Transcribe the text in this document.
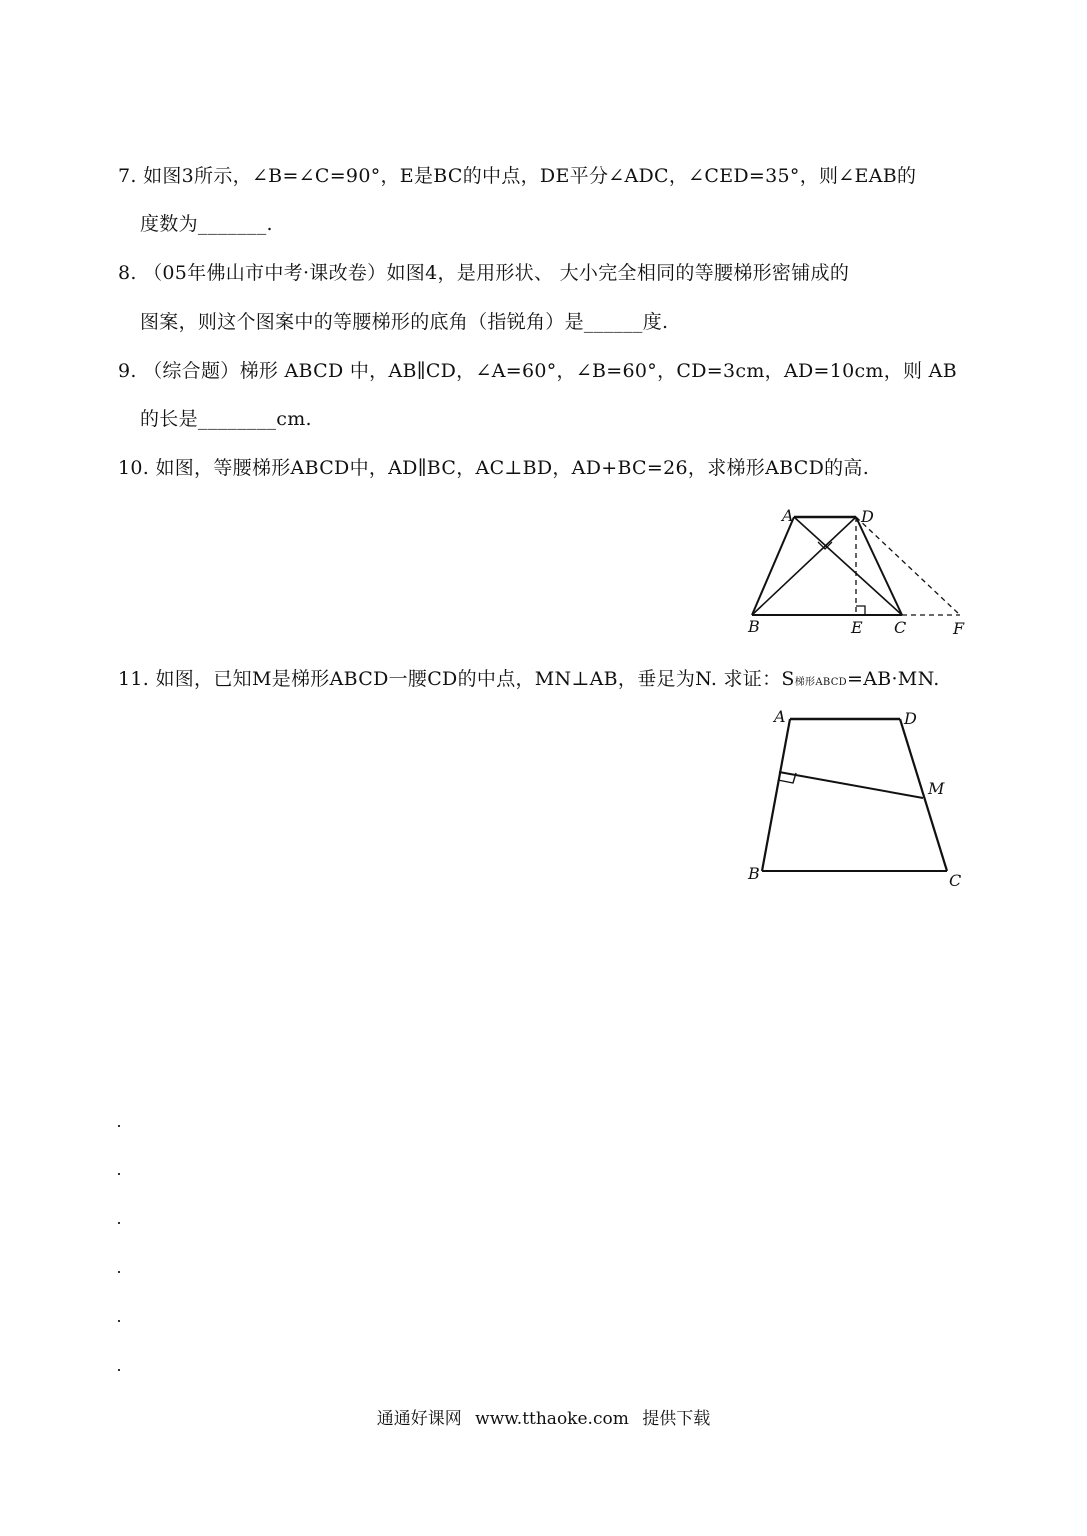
7. 如图3所示，∠B=∠C=90°，E是BC的中点，DE平分∠ADC，∠CED=35°，则∠EAB的
度数为_______.
8. （05年佛山市中考·课改卷）如图4，是用形状、 大小完全相同的等腰梯形密铺成的
图案，则这个图案中的等腰梯形的底角（指锐角）是______度.
9. （综合题）梯形 ABCD 中，AB∥CD，∠A=60°，∠B=60°，CD=3cm，AD=10cm，则 AB
的长是________cm.
10. 如图，等腰梯形ABCD中，AD∥BC，AC⊥BD，AD+BC=26，求梯形ABCD的高.
A	D
B	E C	F
11. 如图，已知M是梯形ABCD一腰CD的中点，MN⊥AB，垂足为N. 求证：S梯形ABCD=AB·MN.
A	D
M
B	C
通通好课网 www.tthaoke.com 提供下载
